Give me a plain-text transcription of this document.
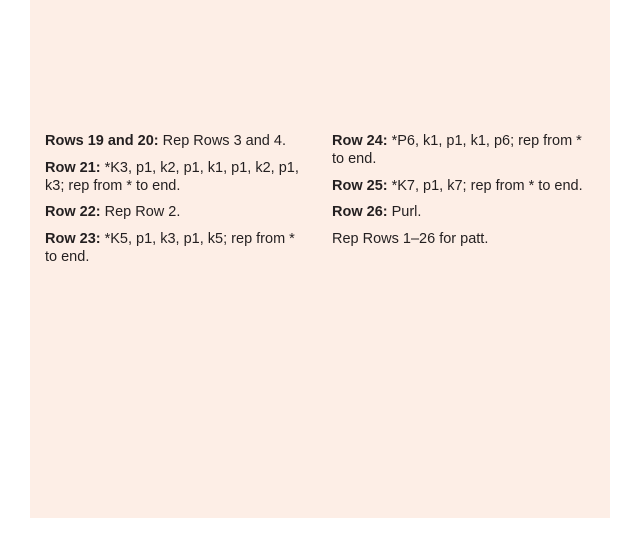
Rows 19 and 20: Rep Rows 3 and 4.

Row 21: *K3, p1, k2, p1, k1, p1, k2, p1, k3; rep from * to end.

Row 22: Rep Row 2.

Row 23: *K5, p1, k3, p1, k5; rep from * to end.

Row 24: *P6, k1, p1, k1, p6; rep from * to end.

Row 25: *K7, p1, k7; rep from * to end.

Row 26: Purl.

Rep Rows 1–26 for patt.
